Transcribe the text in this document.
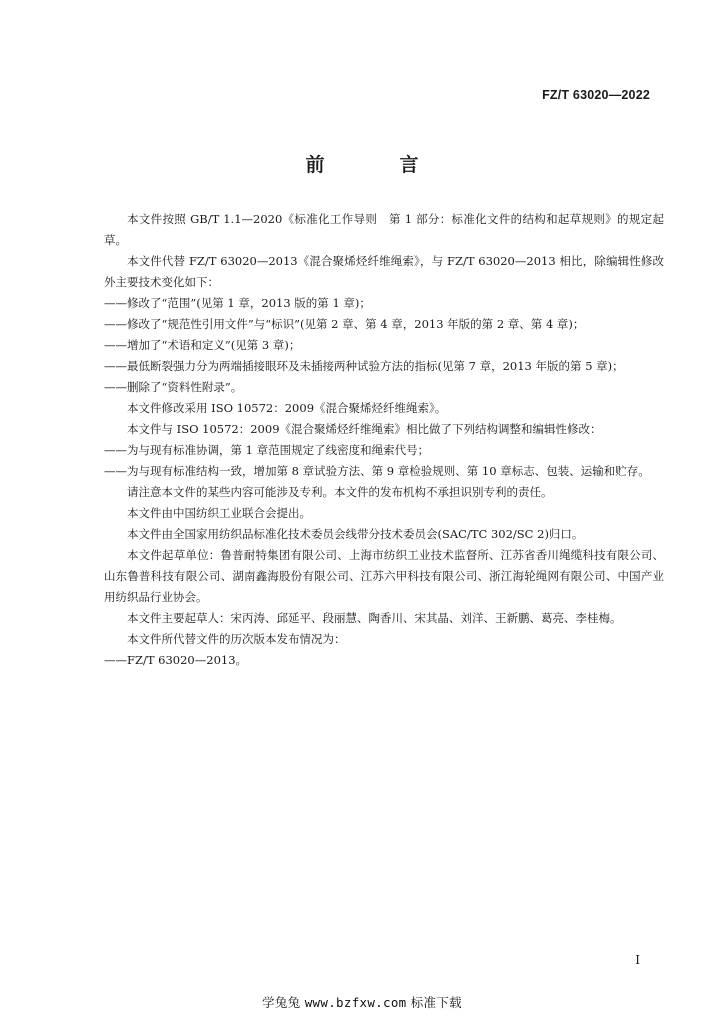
FZ/T 63020—2022
前　言

本文件按照 GB/T 1.1—2020《标准化工作导则　第 1 部分：标准化文件的结构和起草规则》的规定起草。

本文件代替 FZ/T 63020—2013《混合聚烯烃纤维绳索》，与 FZ/T 63020—2013 相比，除编辑性修改外主要技术变化如下：

——修改了“范围”(见第 1 章，2013 版的第 1 章)；

——修改了“规范性引用文件”与“标识”(见第 2 章、第 4 章，2013 年版的第 2 章、第 4 章)；

——增加了“术语和定义”(见第 3 章)；

——最低断裂强力分为两端插接眼环及未插接两种试验方法的指标(见第 7 章，2013 年版的第 5 章)；

——删除了“资料性附录”。

本文件修改采用 ISO 10572：2009《混合聚烯烃纤维绳索》。

本文件与 ISO 10572：2009《混合聚烯烃纤维绳索》相比做了下列结构调整和编辑性修改：

——为与现有标准协调，第 1 章范围规定了线密度和绳索代号；

——为与现有标准结构一致，增加第 8 章试验方法、第 9 章检验规则、第 10 章标志、包装、运输和贮存。

请注意本文件的某些内容可能涉及专利。本文件的发布机构不承担识别专利的责任。

本文件由中国纺织工业联合会提出。

本文件由全国家用纺织品标准化技术委员会线带分技术委员会(SAC/TC 302/SC 2)归口。

本文件起草单位：鲁普耐特集团有限公司、上海市纺织工业技术监督所、江苏省香川绳缆科技有限公司、山东鲁普科技有限公司、湖南鑫海股份有限公司、江苏六甲科技有限公司、浙江海轮绳网有限公司、中国产业用纺织品行业协会。

本文件主要起草人：宋丙涛、邱延平、段丽慧、陶香川、宋其晶、刘洋、王新鹏、葛亮、李桂梅。

本文件所代替文件的历次版本发布情况为：

——FZ/T 63020—2013。

I
学兔兔 www.bzfxw.com 标准下载
